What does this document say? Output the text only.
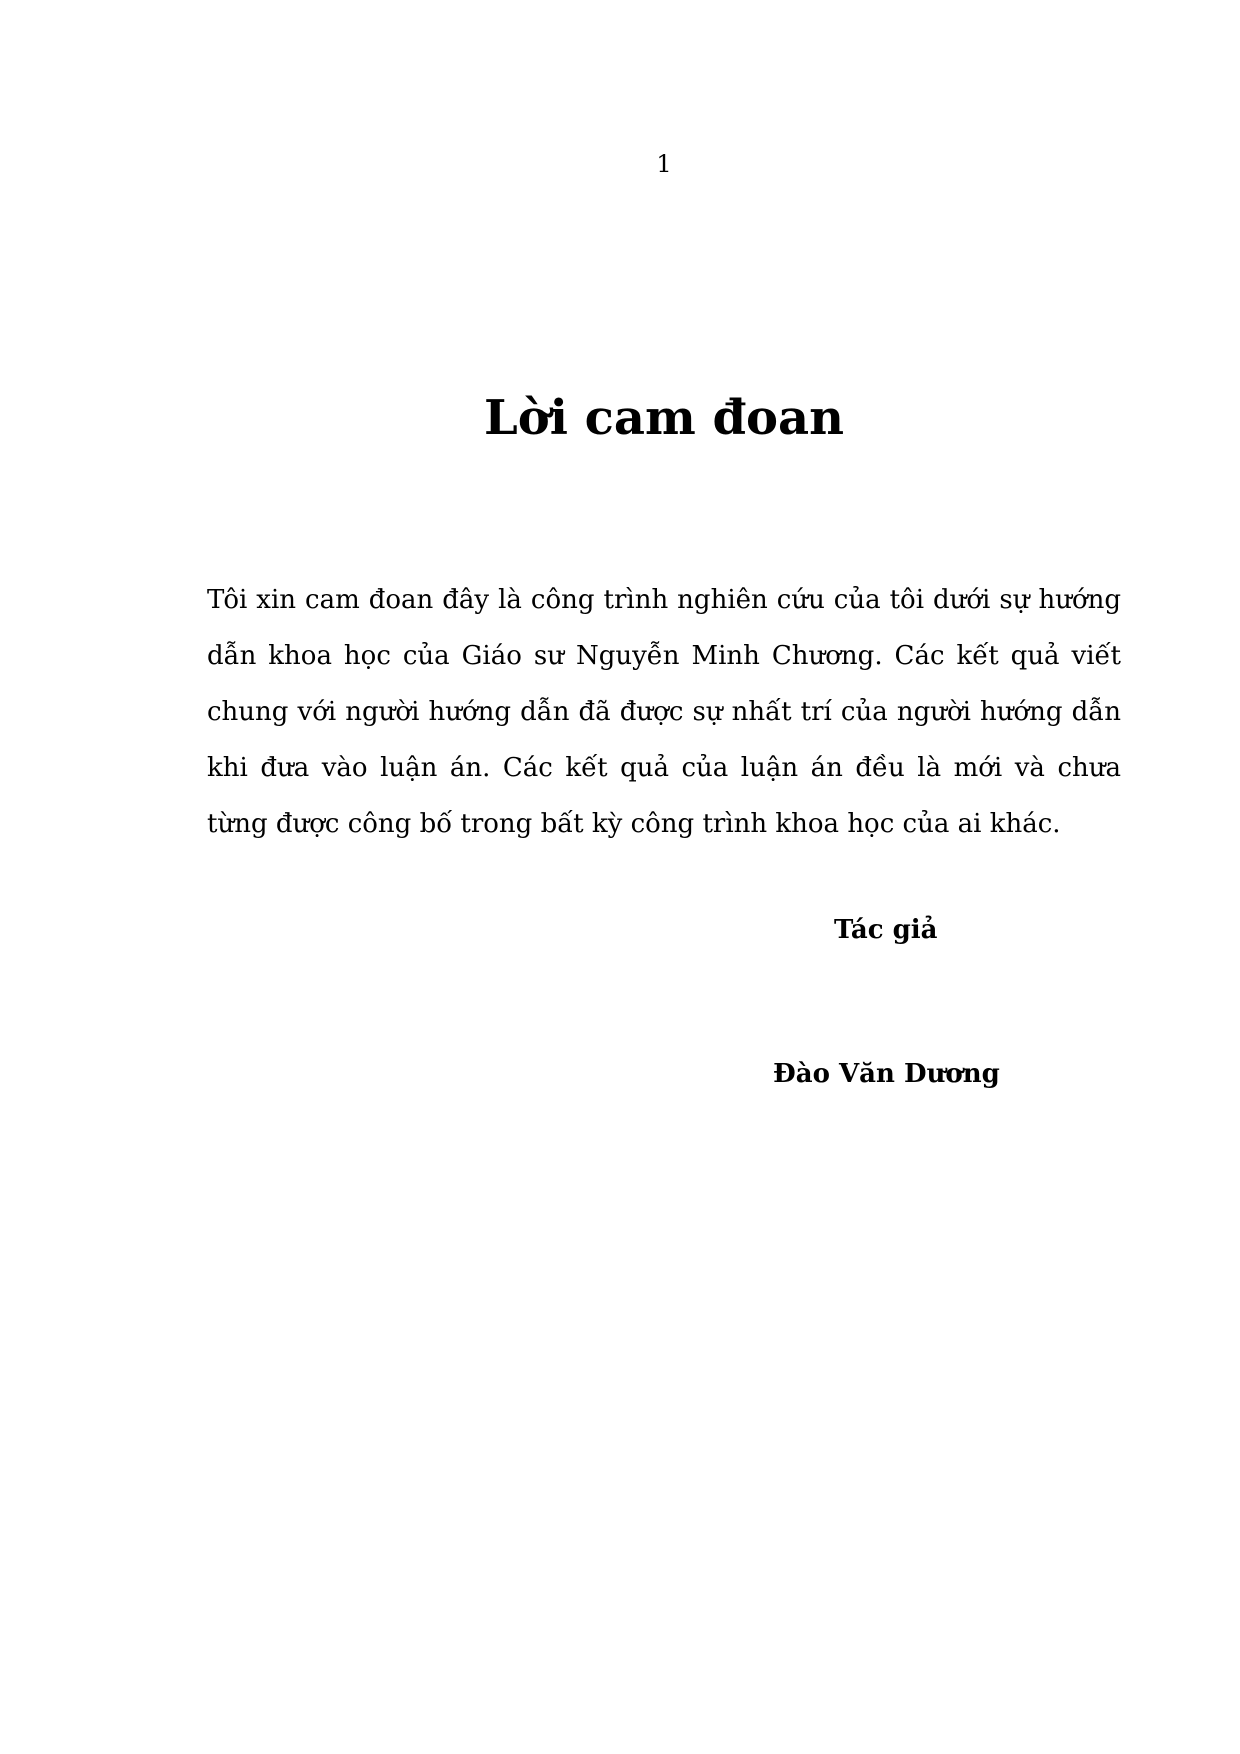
1
Lời cam đoan

Tôi xin cam đoan đây là công trình nghiên cứu của tôi dưới sự hướng dẫn khoa học của Giáo sư Nguyễn Minh Chương. Các kết quả viết chung với người hướng dẫn đã được sự nhất trí của người hướng dẫn khi đưa vào luận án. Các kết quả của luận án đều là mới và chưa từng được công bố trong bất kỳ công trình khoa học của ai khác.

Tác giả
Đào Văn Dương
